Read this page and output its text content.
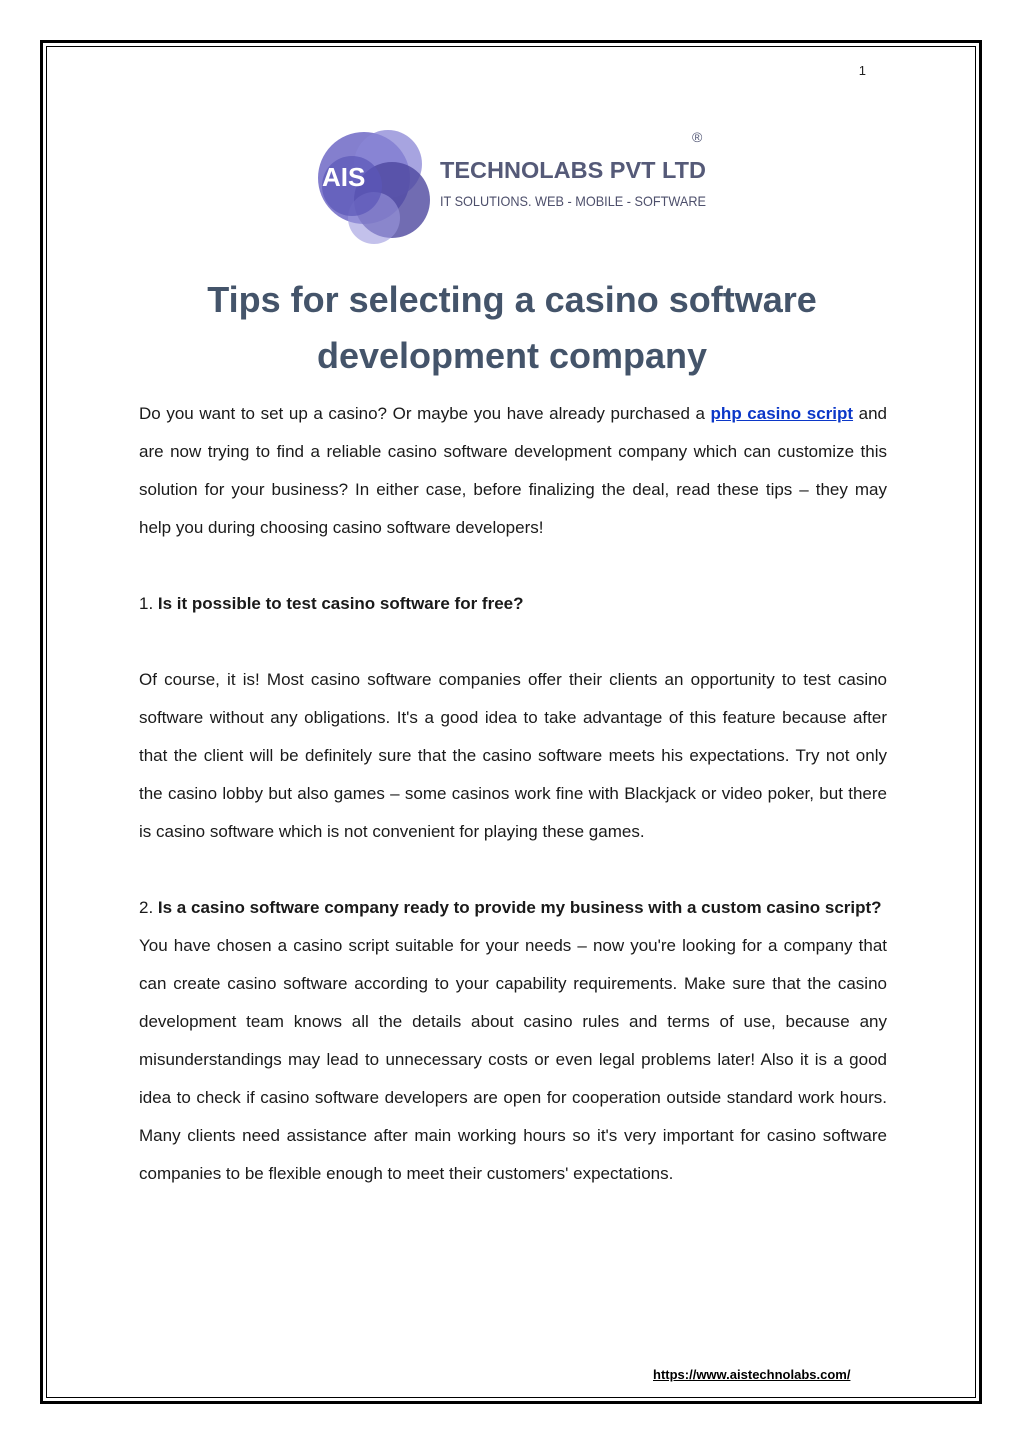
1
AIS	TECHNOLABS PVT LTD
IT SOLUTIONS. WEB - MOBILE - SOFTWARE
®
Tips for selecting a casino software
development company

Do you want to set up a casino? Or maybe you have already purchased a php casino script and are now trying to find a reliable casino software development company which can customize this solution for your business? In either case, before finalizing the deal, read these tips – they may help you during choosing casino software developers!

1. Is it possible to test casino software for free?

Of course, it is! Most casino software companies offer their clients an opportunity to test casino software without any obligations. It's a good idea to take advantage of this feature because after that the client will be definitely sure that the casino software meets his expectations. Try not only the casino lobby but also games – some casinos work fine with Blackjack or video poker, but there is casino software which is not convenient for playing these games.

2. Is a casino software company ready to provide my business with a custom casino script?

You have chosen a casino script suitable for your needs – now you're looking for a company that can create casino software according to your capability requirements. Make sure that the casino development team knows all the details about casino rules and terms of use, because any misunderstandings may lead to unnecessary costs or even legal problems later! Also it is a good idea to check if casino software developers are open for cooperation outside standard work hours. Many clients need assistance after main working hours so it's very important for casino software companies to be flexible enough to meet their customers' expectations.

https://www.aistechnolabs.com/
